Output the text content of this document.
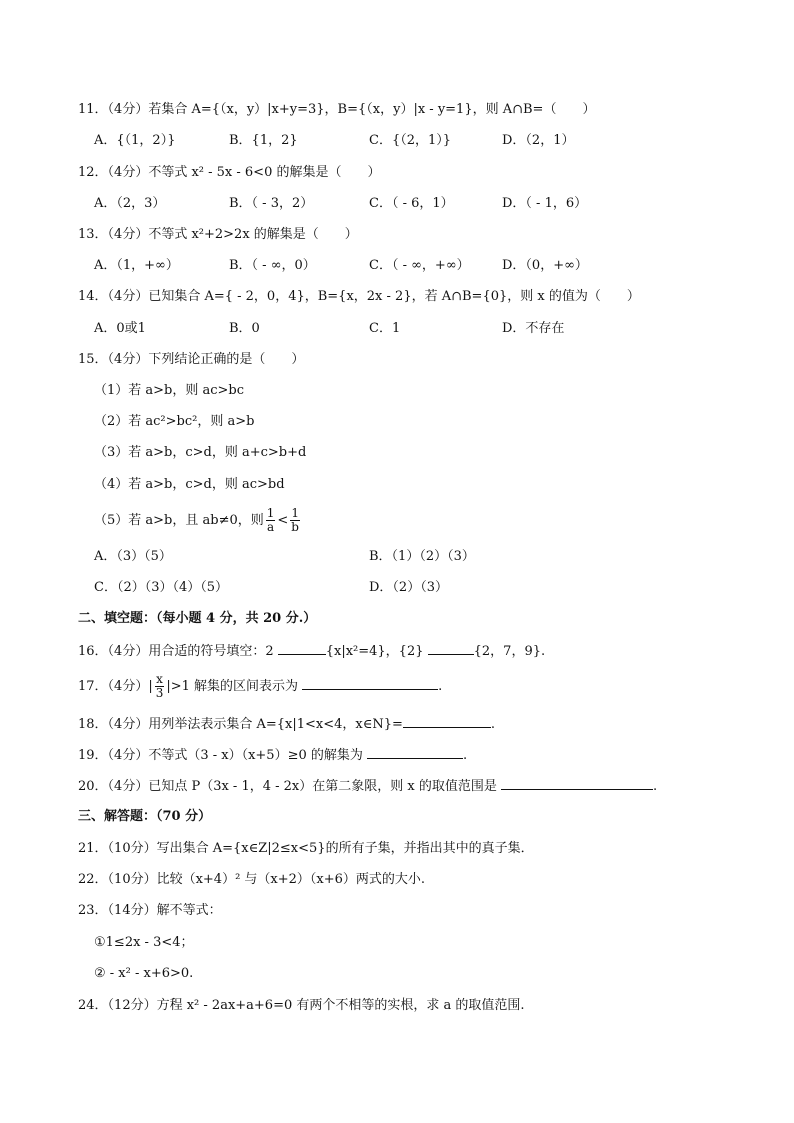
11．（4分）若集合 A={（x，y）|x+y=3}，B={（x，y）|x - y=1}，则 A∩B=（　　）
A．{（1，2）}	B．{1，2}	C．{（2，1）}	D．（2，1）
12．（4分）不等式 x² - 5x - 6<0 的解集是（　　）
A．（2，3）	B．（ - 3，2）	C．（ - 6，1）	D．（ - 1，6）
13．（4分）不等式 x²+2>2x 的解集是（　　）
A．（1，+∞）	B．（ - ∞，0）	C．（ - ∞，+∞） D．（0，+∞）
14．（4分）已知集合 A={ - 2，0，4}，B={x，2x - 2}，若 A∩B={0}，则 x 的值为（　　）
A．0或1	B．0	C．1	D．不存在
15．（4分）下列结论正确的是（　　）
（1）若 a>b，则 ac>bc
（2）若 ac²>bc²，则 a>b
（3）若 a>b，c>d，则 a+c>b+d
（4）若 a>b，c>d，则 ac>bd
（5）若 a>b，且 ab≠0，则 $\frac{1}{a} < \frac{1}{b}$
A．（3）（5）	B．（1）（2）（3）
C．（2）（3）（4）（5）	D．（2）（3）
二、填空题：（每小题 4 分，共 20 分.）
16．（4分）用合适的符号填空：2	{x|x²=4}，{2}	{2，7，9}.
17．（4分）| $\frac{x}{3} |>1$ 解集的区间表示为	.
18．（4分）用列举法表示集合 A={x|1<x<4，x∈N}=	.
19．（4分）不等式（3 - x）（x+5）≥0 的解集为	.
20．（4分）已知点 P（3x - 1，4 - 2x）在第二象限，则 x 的取值范围是	.
三、解答题：（70 分）
21．（10分）写出集合 A={x∈Z|2≤x<5}的所有子集，并指出其中的真子集．
22．（10分）比较（x+4）² 与（x+2）（x+6）两式的大小.
23．（14分）解不等式：
①1≤2x - 3<4；
② - x² - x+6>0.
24．（12分）方程 x² - 2ax+a+6=0 有两个不相等的实根，求 a 的取值范围.
